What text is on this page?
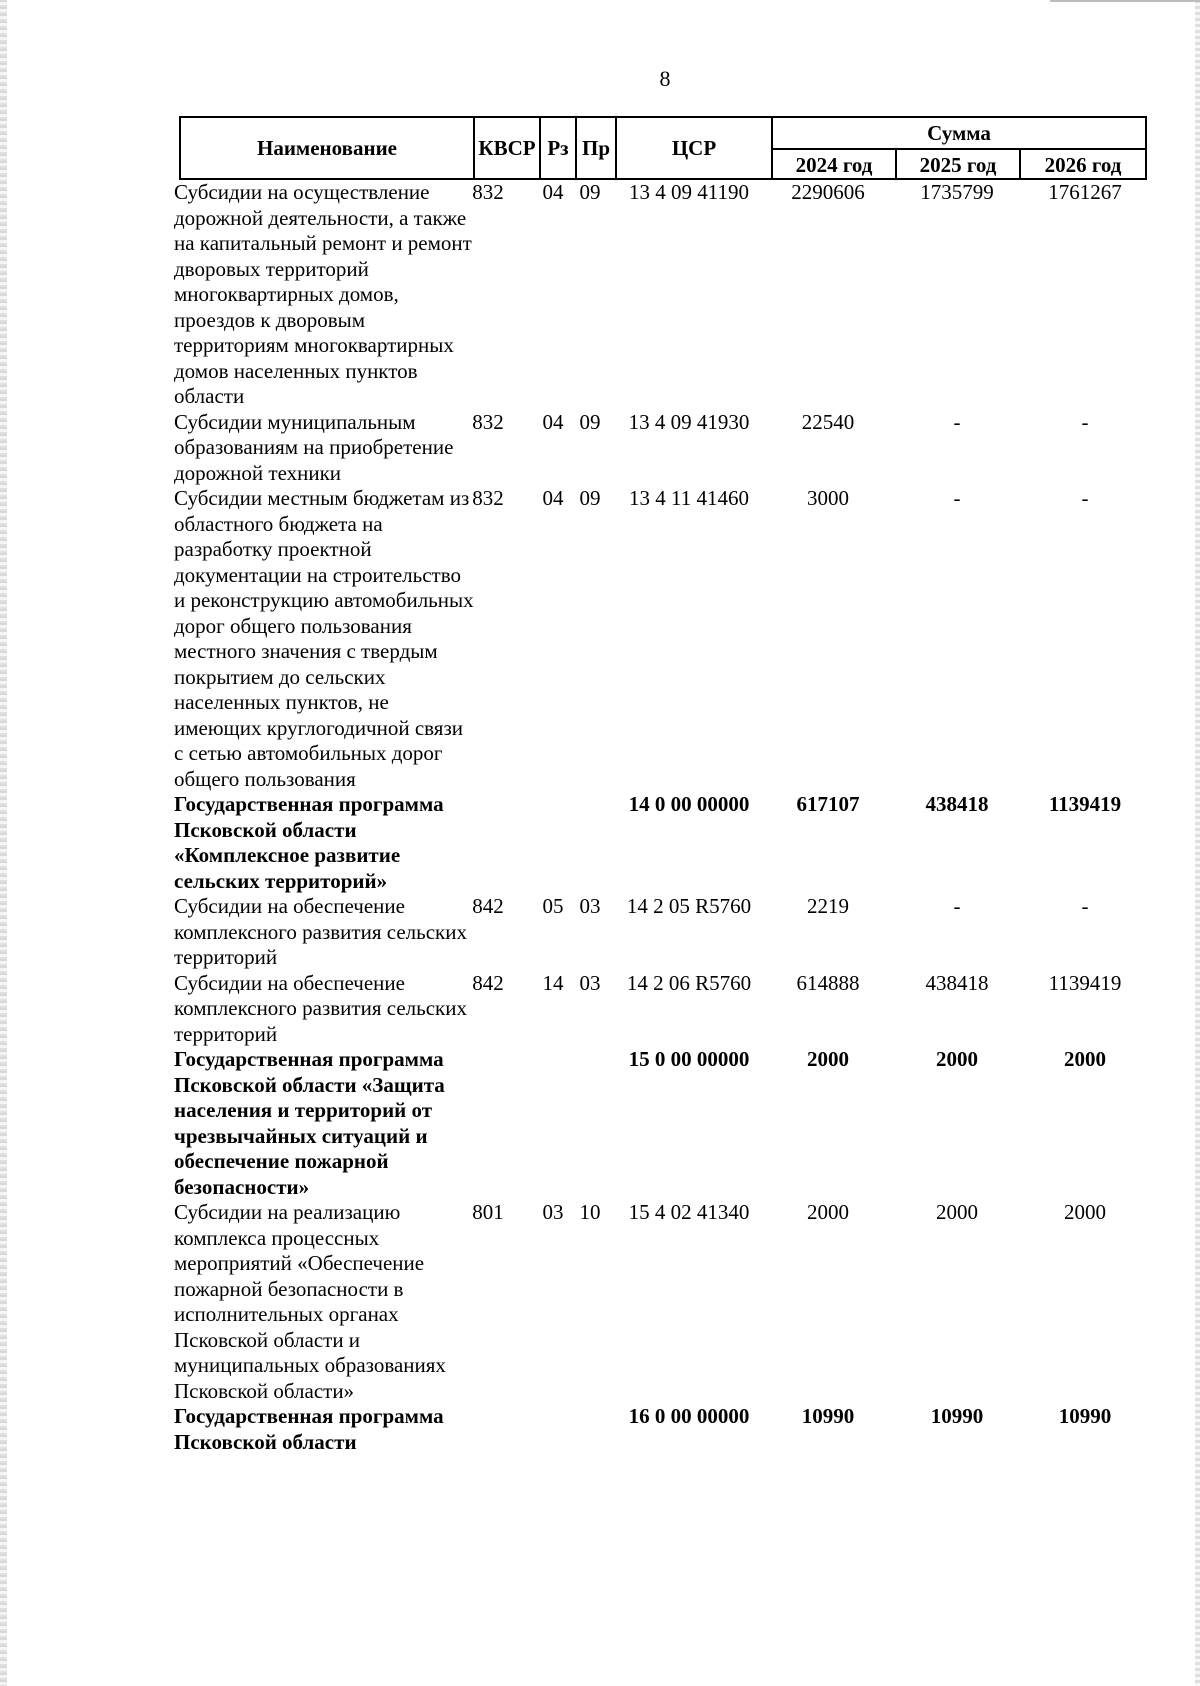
8
Наименование	КВСР Рз Пр	ЦСР
Сумма
2024 год	2025 год	2026 год
Субсидии на осуществление дорожной деятельности, а также на капитальный ремонт и ремонт дворовых территорий многоквартирных домов, проездов к дворовым территориям многоквартирных домов населенных пунктов области
832 04 09	13 4 09 41190	2290606	1735799	1761267
Субсидии муниципальным образованиям на приобретение дорожной техники
832 04 09	13 4 09 41930	22540	-	-
Субсидии местным бюджетам из областного бюджета на разработку проектной документации на строительство и реконструкцию автомобильных дорог общего пользования местного значения с твердым покрытием до сельских населенных пунктов, не имеющих круглогодичной связи с сетью автомобильных дорог общего пользования
832 04 09	13 4 11 41460	3000	-	-
Государственная программа Псковской области «Комплексное развитие сельских территорий»
14 0 00 00000	617107	438418	1139419
Субсидии на обеспечение комплексного развития сельских территорий
842 05 03	14 2 05 R5760	2219	-	-
Субсидии на обеспечение комплексного развития сельских территорий
842 14 03	14 2 06 R5760	614888	438418	1139419
Государственная программа Псковской области «Защита населения и территорий от чрезвычайных ситуаций и обеспечение пожарной безопасности»
15 0 00 00000	2000	2000	2000
Субсидии на реализацию комплекса процессных мероприятий «Обеспечение пожарной безопасности в исполнительных органах Псковской области и муниципальных образованиях Псковской области»
801 03 10	15 4 02 41340	2000	2000	2000
Государственная программа Псковской области
16 0 00 00000	10990	10990	10990
